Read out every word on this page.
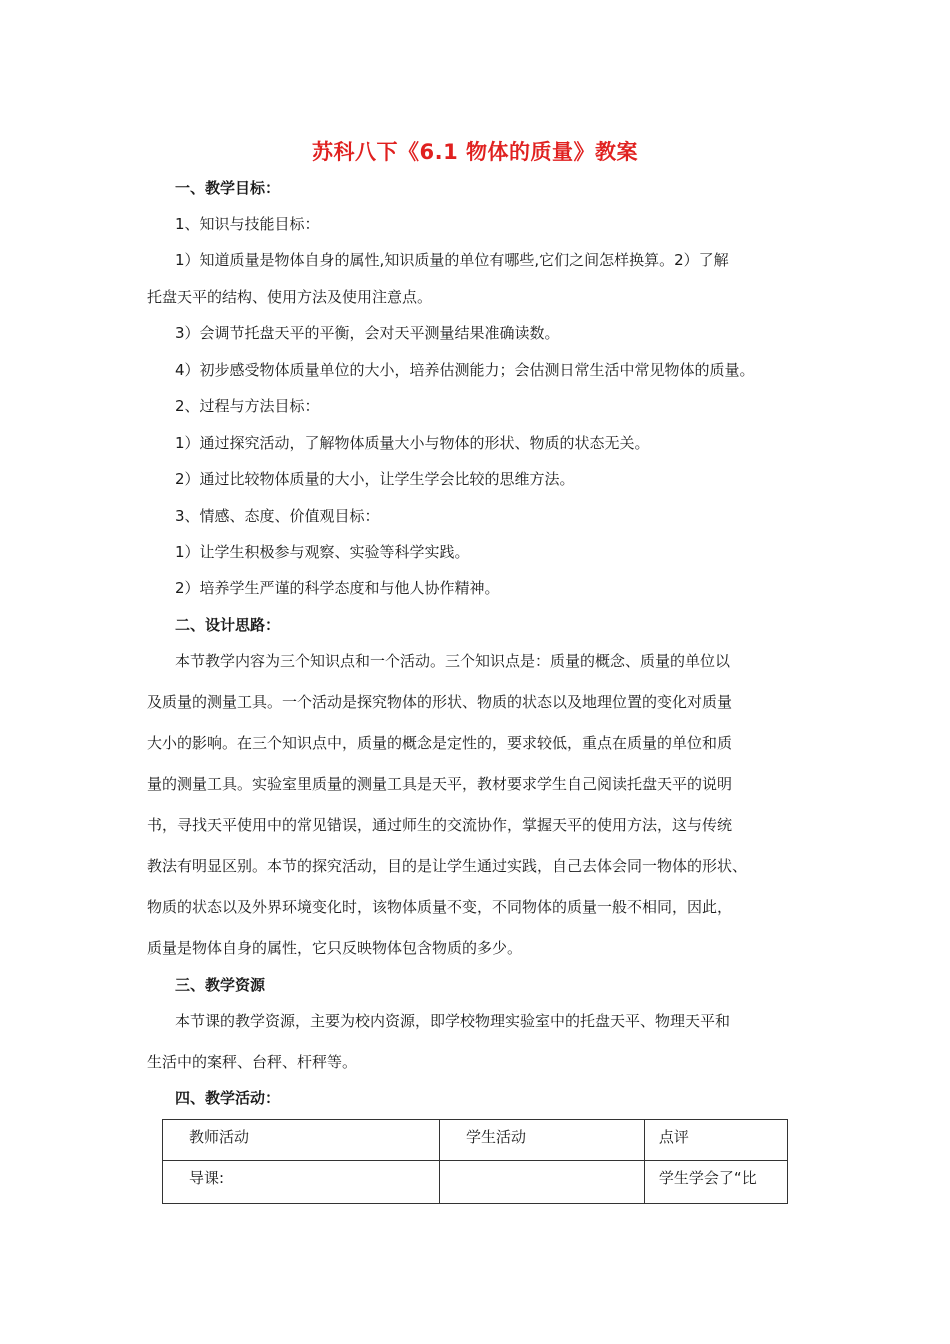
苏科八下《6.1 物体的质量》教案
一、教学目标：
1、知识与技能目标：
1）知道质量是物体自身的属性,知识质量的单位有哪些,它们之间怎样换算。2）了解
托盘天平的结构、使用方法及使用注意点。
3）会调节托盘天平的平衡，会对天平测量结果准确读数。
4）初步感受物体质量单位的大小，培养估测能力；会估测日常生活中常见物体的质量。
2、过程与方法目标：
1）通过探究活动，了解物体质量大小与物体的形状、物质的状态无关。
2）通过比较物体质量的大小，让学生学会比较的思维方法。
3、情感、态度、价值观目标：
1）让学生积极参与观察、实验等科学实践。
2）培养学生严谨的科学态度和与他人协作精神。
二、设计思路：
本节教学内容为三个知识点和一个活动。三个知识点是：质量的概念、质量的单位以
及质量的测量工具。一个活动是探究物体的形状、物质的状态以及地理位置的变化对质量
大小的影响。在三个知识点中，质量的概念是定性的，要求较低，重点在质量的单位和质
量的测量工具。实验室里质量的测量工具是天平，教材要求学生自己阅读托盘天平的说明
书，寻找天平使用中的常见错误，通过师生的交流协作，掌握天平的使用方法，这与传统
教法有明显区别。本节的探究活动，目的是让学生通过实践，自己去体会同一物体的形状、
物质的状态以及外界环境变化时，该物体质量不变，不同物体的质量一般不相同，因此，
质量是物体自身的属性，它只反映物体包含物质的多少。
三、教学资源
本节课的教学资源，主要为校内资源，即学校物理实验室中的托盘天平、物理天平和
生活中的案秤、台秤、杆秤等。
四、教学活动：
教师活动	学生活动	点评
导课:		学生学会了“比
